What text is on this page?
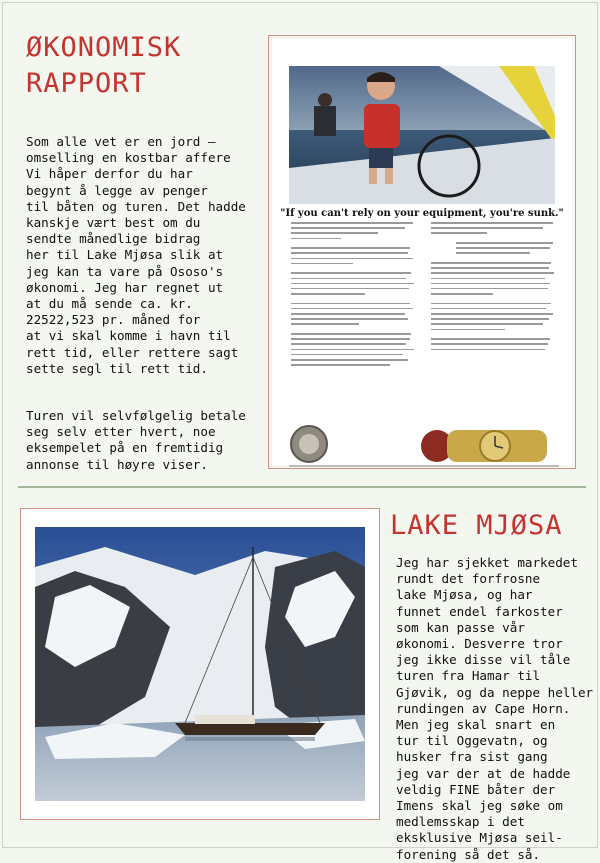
ØKONOMISK
RAPPORT

Som alle vet er en jord –
omselling en kostbar affere
Vi håper derfor du har
begynt å legge av penger
til båten og turen. Det hadde
kanskje vært best om du
sendte månedlige bidrag
her til Lake Mjøsa slik at
jeg kan ta vare på Ososo's
økonomi. Jeg har regnet ut
at du må sende ca. kr.
22522,523 pr. måned for
at vi skal komme i havn til
rett tid, eller rettere sagt
sette segl til rett tid.

Turen vil selvfølgelig betale
seg selv etter hvert, noe
eksempelet på en fremtidig
annonse til høyre viser.

"If you can't rely on your equipment, you're sunk."
LAKE MJØSA

Jeg har sjekket markedet
rundt det forfrosne
lake Mjøsa, og har
funnet endel farkoster
som kan passe vår
økonomi. Desverre tror
jeg ikke disse vil tåle
turen fra Hamar til
Gjøvik, og da neppe heller
rundingen av Cape Horn.
Men jeg skal snart en
tur til Oggevatn, og
husker fra sist gang
jeg var der at de hadde
veldig FINE båter der
Imens skal jeg søke om
medlemsskap i det
eksklusive Mjøsa seil-
forening så det så.
